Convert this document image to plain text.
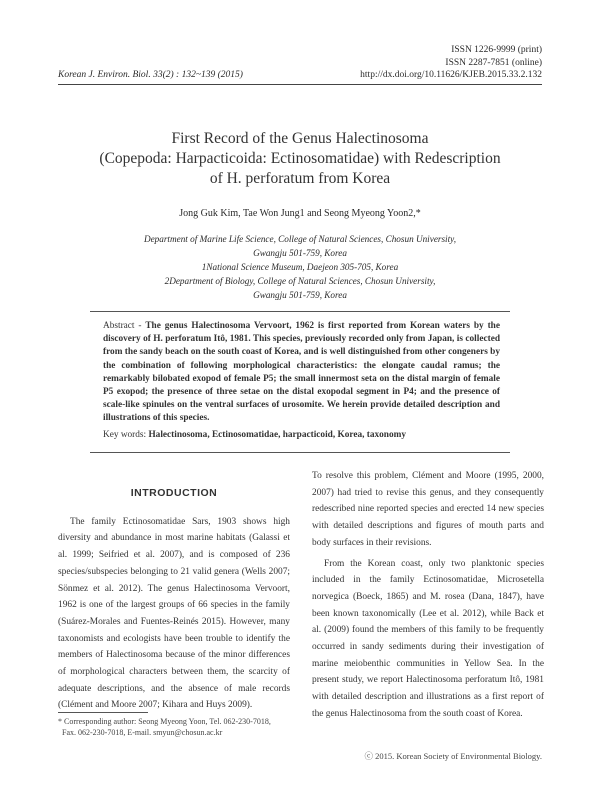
ISSN 1226-9999 (print)
ISSN 2287-7851 (online)
Korean J. Environ. Biol. 33(2) : 132~139 (2015)	http://dx.doi.org/10.11626/KJEB.2015.33.2.132
First Record of the Genus Halectinosoma
(Copepoda: Harpacticoida: Ectinosomatidae) with Redescription
of H. perforatum from Korea
Jong Guk Kim, Tae Won Jung1 and Seong Myeong Yoon2,*
Department of Marine Life Science, College of Natural Sciences, Chosun University,
Gwangju 501-759, Korea
1National Science Museum, Daejeon 305-705, Korea
2Department of Biology, College of Natural Sciences, Chosun University,
Gwangju 501-759, Korea
Abstract - The genus Halectinosoma Vervoort, 1962 is first reported from Korean waters by the discovery of H. perforatum Itô, 1981. This species, previously recorded only from Japan, is collected from the sandy beach on the south coast of Korea, and is well distinguished from other congeners by the combination of following morphological characteristics: the elongate caudal ramus; the remarkably bilobated exopod of female P5; the small innermost seta on the distal margin of female P5 exopod; the presence of three setae on the distal exopodal segment in P4; and the presence of scale-like spinules on the ventral surfaces of urosomite. We herein provide detailed description and illustrations of this species.
Key words: Halectinosoma, Ectinosomatidae, harpacticoid, Korea, taxonomy
INTRODUCTION

The family Ectinosomatidae Sars, 1903 shows high diversity and abundance in most marine habitats (Galassi et al. 1999; Seifried et al. 2007), and is composed of 236 species/subspecies belonging to 21 valid genera (Wells 2007; Sönmez et al. 2012). The genus Halectinosoma Vervoort, 1962 is one of the largest groups of 66 species in the family (Suárez-Morales and Fuentes-Reinés 2015). However, many taxonomists and ecologists have been trouble to identify the members of Halectinosoma because of the minor differences of morphological characters between them, the scarcity of adequate descriptions, and the absence of male records (Clément and Moore 2007; Kihara and Huys 2009).

To resolve this problem, Clément and Moore (1995, 2000, 2007) had tried to revise this genus, and they consequently redescribed nine reported species and erected 14 new species with detailed descriptions and figures of mouth parts and body surfaces in their revisions.

From the Korean coast, only two planktonic species included in the family Ectinosomatidae, Microsetella norvegica (Boeck, 1865) and M. rosea (Dana, 1847), have been known taxonomically (Lee et al. 2012), while Back et al. (2009) found the members of this family to be frequently occurred in sandy sediments during their investigation of marine meiobenthic communities in Yellow Sea. In the present study, we report Halectinosoma perforatum Itô, 1981 with detailed description and illustrations as a first report of the genus Halectinosoma from the south coast of Korea.

* Corresponding author: Seong Myeong Yoon, Tel. 062-230-7018,
Fax. 062-230-7018, E-mail. smyun@chosun.ac.kr
ⓒ 2015. Korean Society of Environmental Biology.
